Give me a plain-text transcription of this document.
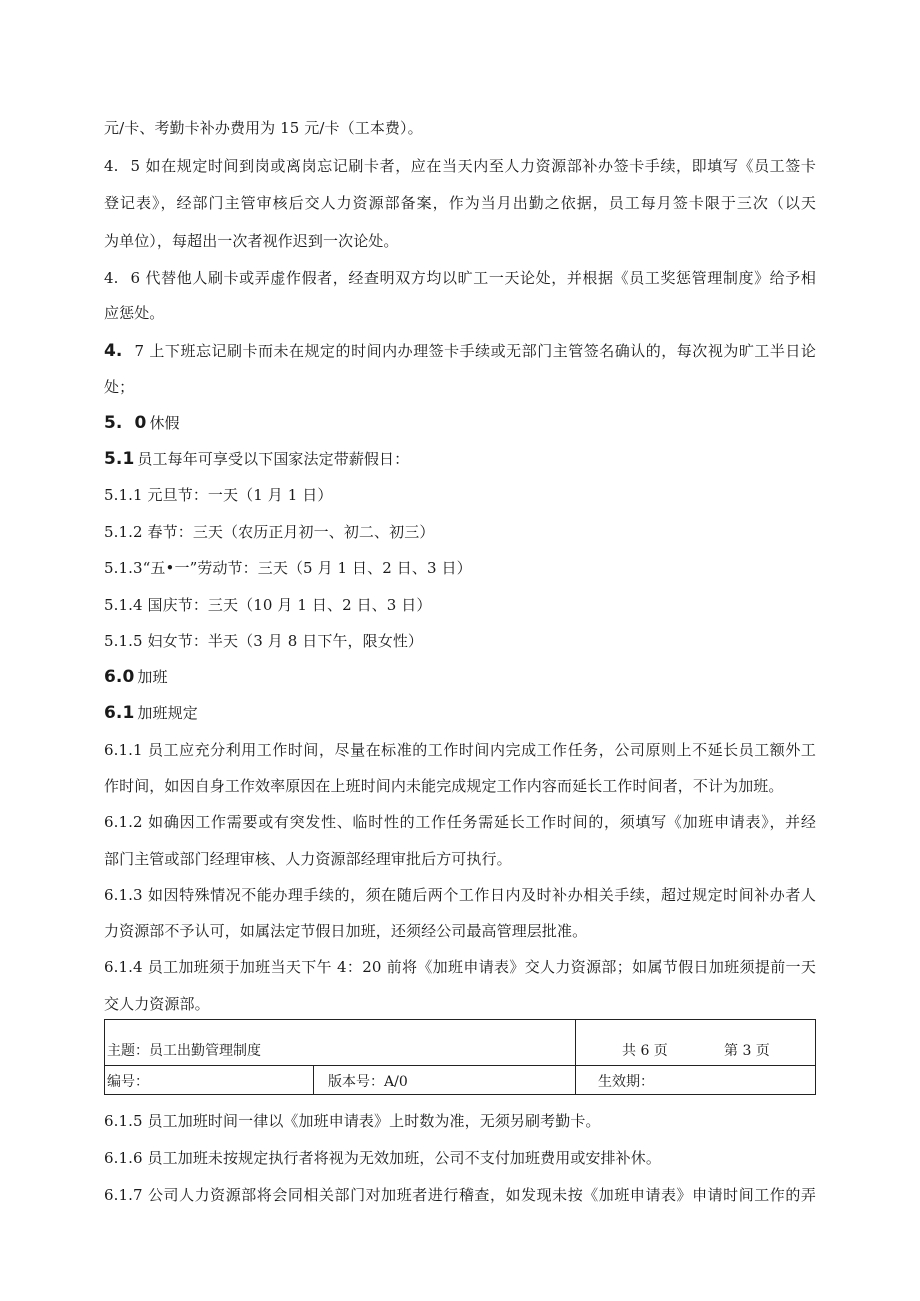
元/卡、考勤卡补办费用为 15 元/卡（工本费）。
4. 5 如在规定时间到岗或离岗忘记刷卡者，应在当天内至人力资源部补办签卡手续，即填写《员工签卡
登记表》，经部门主管审核后交人力资源部备案，作为当月出勤之依据，员工每月签卡限于三次（以天
为单位），每超出一次者视作迟到一次论处。
4. 6 代替他人刷卡或弄虚作假者，经查明双方均以旷工一天论处，并根据《员工奖惩管理制度》给予相
应惩处。
4. 7 上下班忘记刷卡而未在规定的时间内办理签卡手续或无部门主管签名确认的，每次视为旷工半日论
处；
5. 0 休假
5.1 员工每年可享受以下国家法定带薪假日：
5.1.1 元旦节：一天（1 月 1 日）
5.1.2 春节：三天（农历正月初一、初二、初三）
5.1.3“五•一”劳动节：三天（5 月 1 日、2 日、3 日）
5.1.4 国庆节：三天（10 月 1 日、2 日、3 日）
5.1.5 妇女节：半天（3 月 8 日下午，限女性）
6.0 加班
6.1 加班规定
6.1.1 员工应充分利用工作时间，尽量在标准的工作时间内完成工作任务，公司原则上不延长员工额外工
作时间，如因自身工作效率原因在上班时间内未能完成规定工作内容而延长工作时间者，不计为加班。
6.1.2 如确因工作需要或有突发性、临时性的工作任务需延长工作时间的，须填写《加班申请表》，并经
部门主管或部门经理审核、人力资源部经理审批后方可执行。
6.1.3 如因特殊情况不能办理手续的，须在随后两个工作日内及时补办相关手续，超过规定时间补办者人
力资源部不予认可，如属法定节假日加班，还须经公司最高管理层批准。
6.1.4 员工加班须于加班当天下午 4：20 前将《加班申请表》交人力资源部；如属节假日加班须提前一天
交人力资源部。
主题：员工出勤管理制度	共 6 页	第 3 页
编号：	版本号：A/0	生效期：
6.1.5 员工加班时间一律以《加班申请表》上时数为准，无须另刷考勤卡。
6.1.6 员工加班未按规定执行者将视为无效加班，公司不支付加班费用或安排补休。
6.1.7 公司人力资源部将会同相关部门对加班者进行稽查，如发现未按《加班申请表》申请时间工作的弄
